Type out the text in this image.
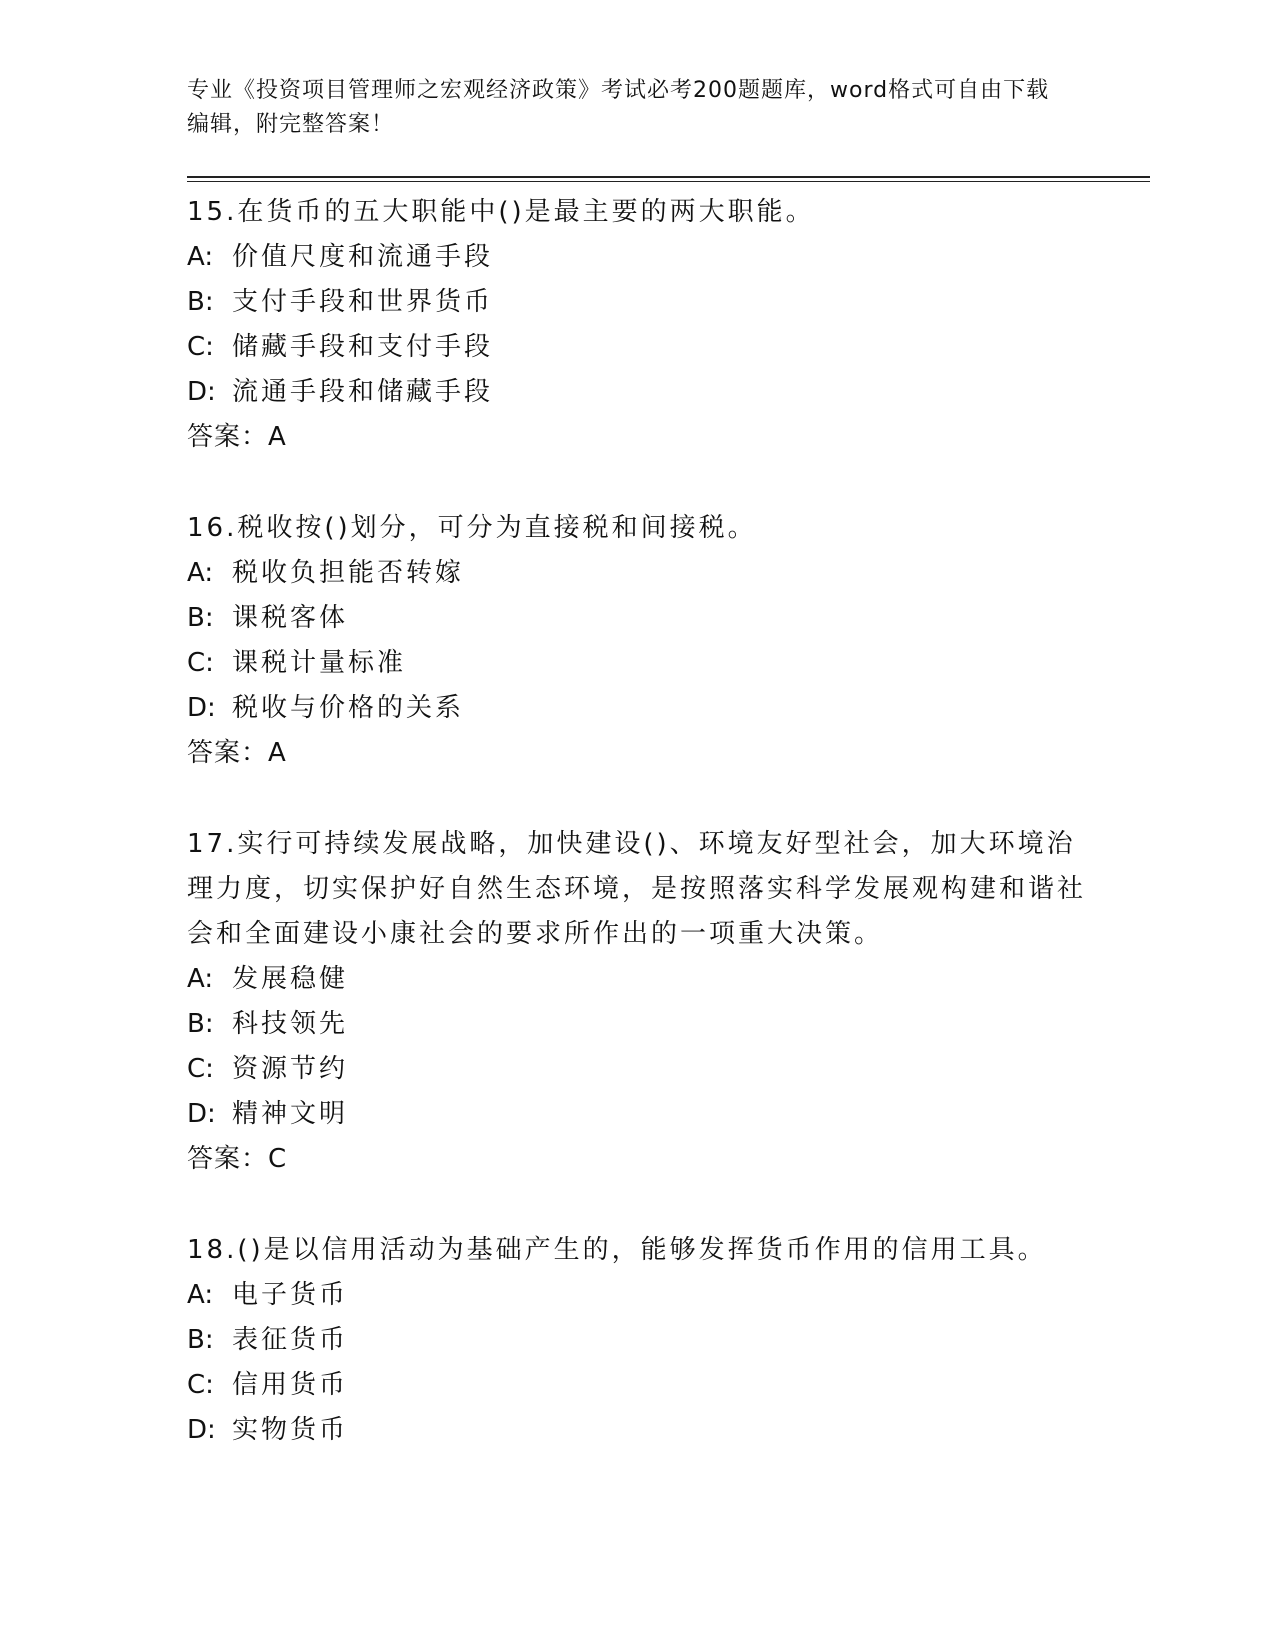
专业《投资项目管理师之宏观经济政策》考试必考200题题库，word格式可自由下载编辑，附完整答案！

15.在货币的五大职能中()是最主要的两大职能。

A: 价值尺度和流通手段
B: 支付手段和世界货币
C: 储藏手段和支付手段
D: 流通手段和储藏手段
答案：A

16.税收按()划分，可分为直接税和间接税。

A: 税收负担能否转嫁
B: 课税客体
C: 课税计量标准
D: 税收与价格的关系
答案：A

17.实行可持续发展战略，加快建设()、环境友好型社会，加大环境治理力度，切实保护好自然生态环境，是按照落实科学发展观构建和谐社会和全面建设小康社会的要求所作出的一项重大决策。

A: 发展稳健
B: 科技领先
C: 资源节约
D: 精神文明
答案：C

18.()是以信用活动为基础产生的，能够发挥货币作用的信用工具。

A: 电子货币
B: 表征货币
C: 信用货币
D: 实物货币
